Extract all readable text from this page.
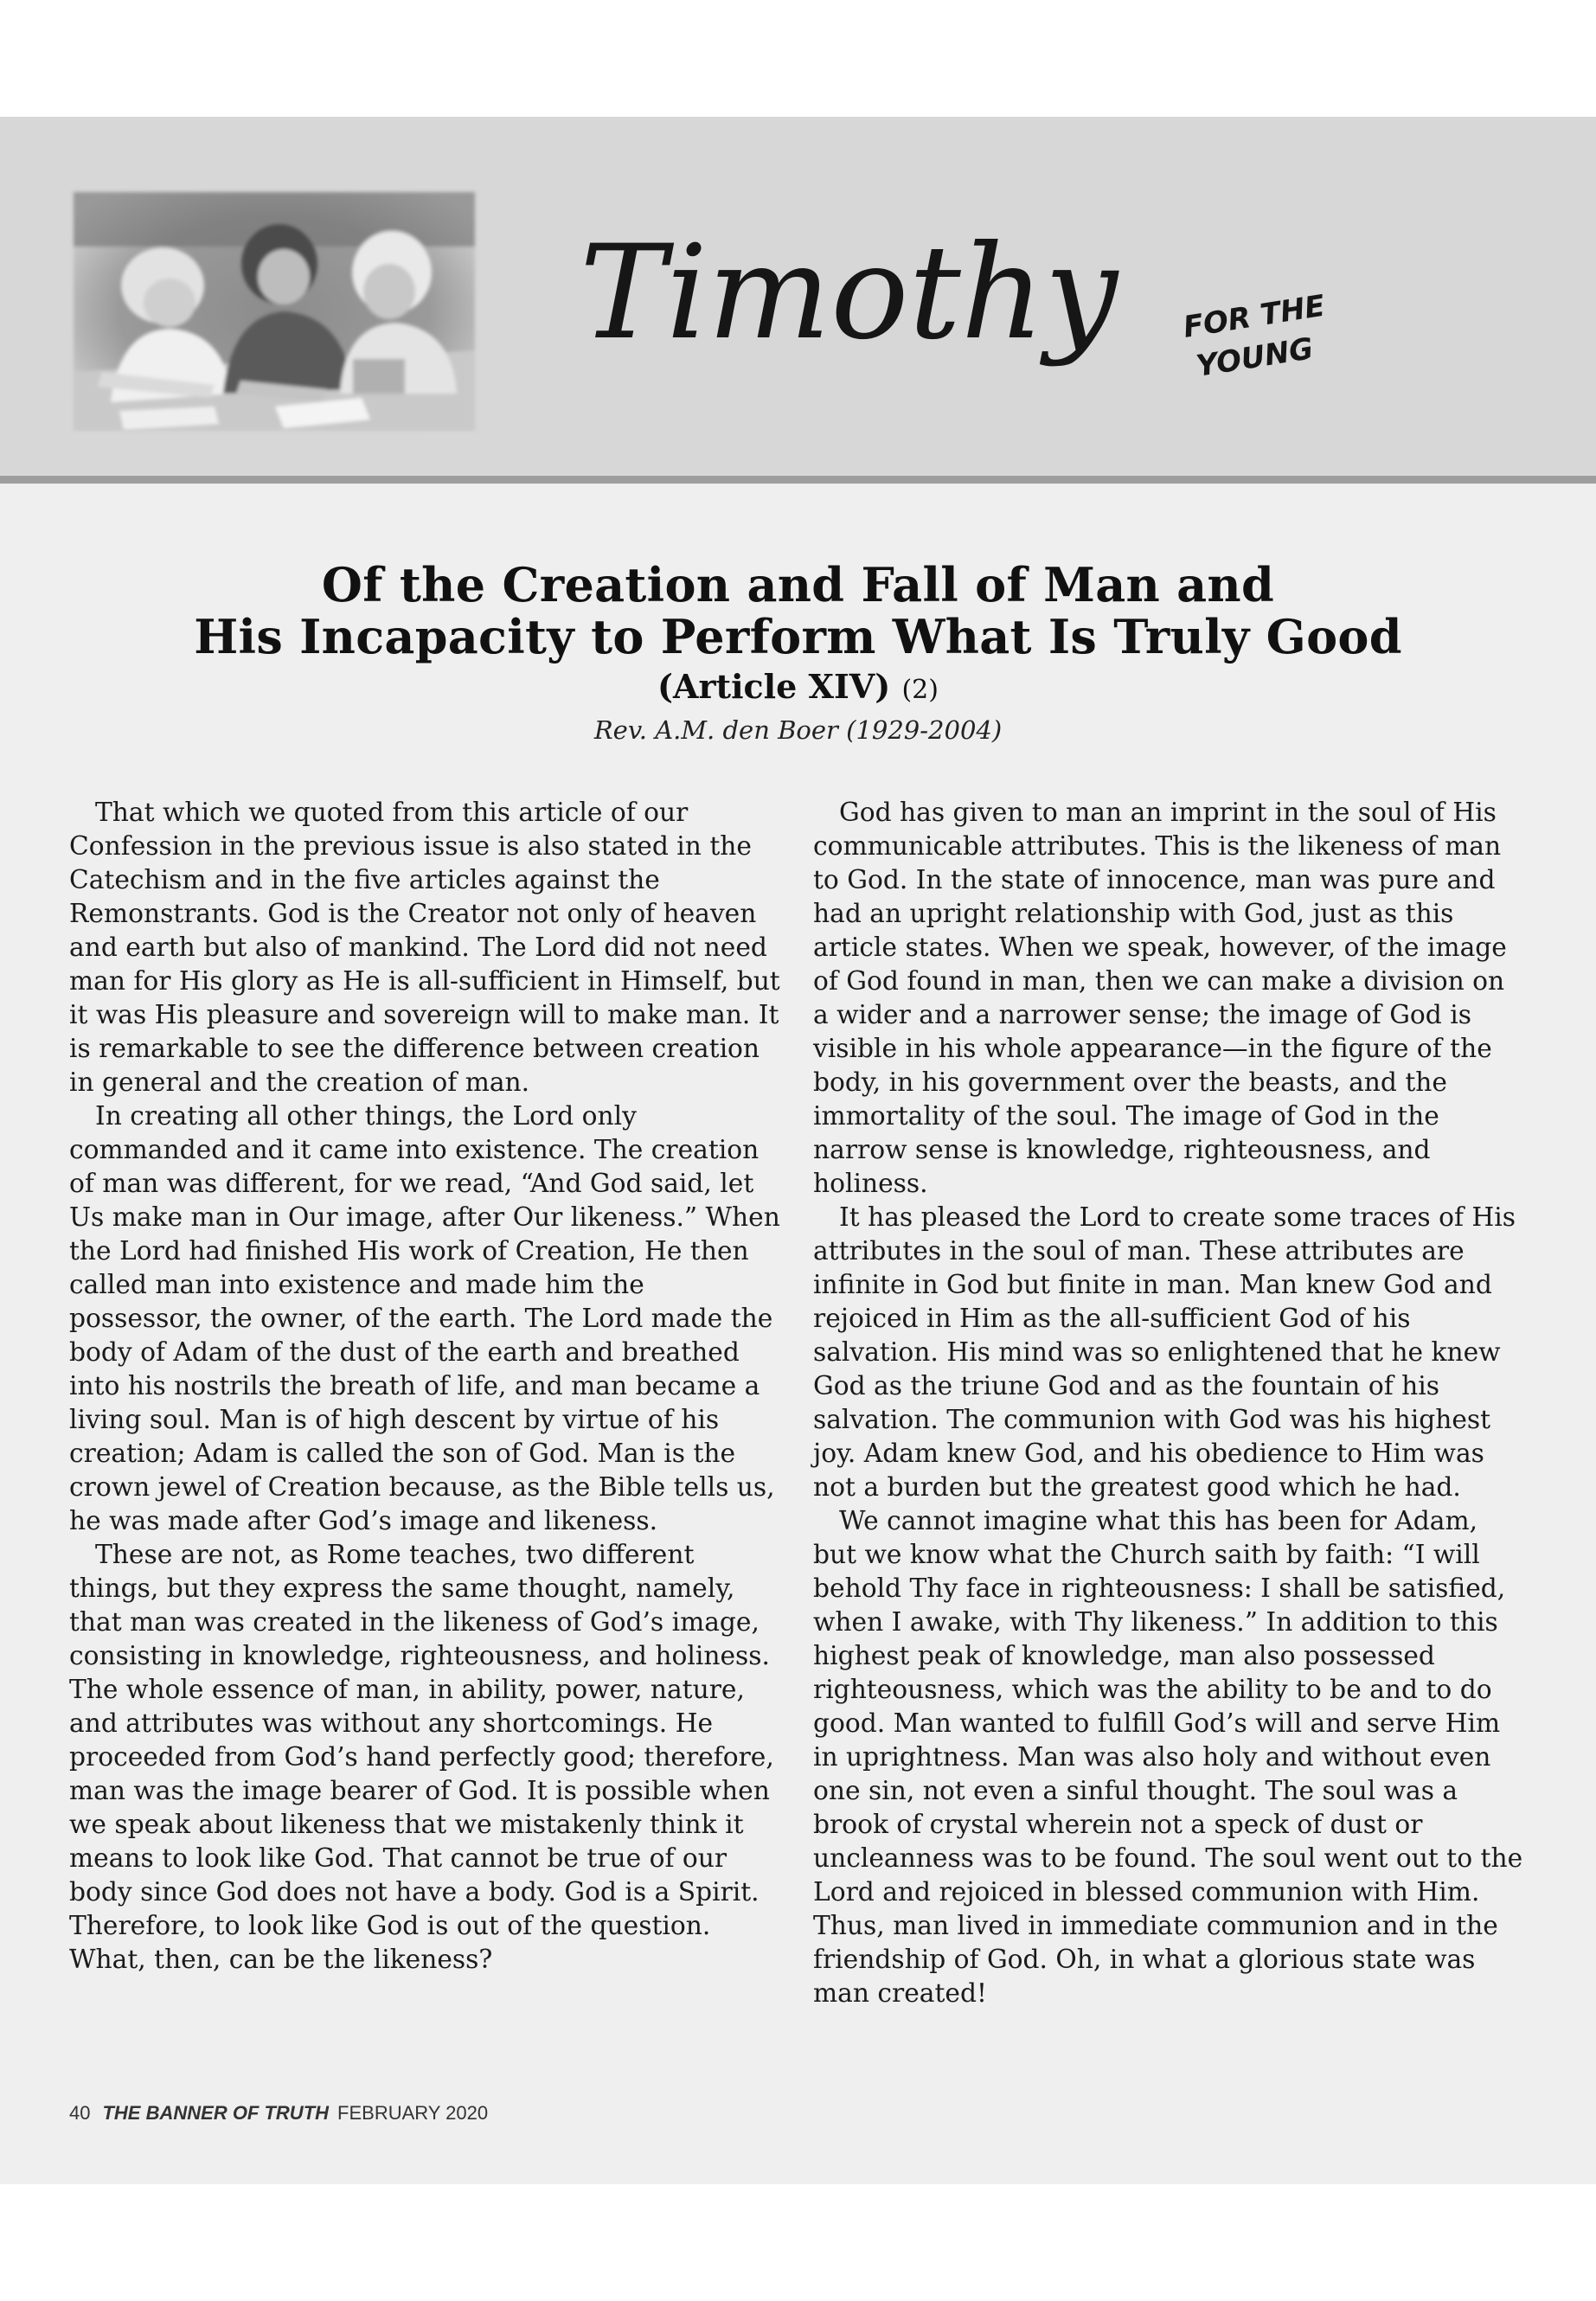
Timothy FOR THE
YOUNG
Of the Creation and Fall of Man and
His Incapacity to Perform What Is Truly Good
(Article XIV) (2)
Rev. A.M. den Boer (1929-2004)

That which we quoted from this article of our Confession in the previous issue is also stated in the Catechism and in the five articles against the Remonstrants. God is the Creator not only of heaven and earth but also of mankind. The Lord did not need man for His glory as He is all-sufficient in Himself, but it was His pleasure and sovereign will to make man. It is remarkable to see the difference between creation in general and the creation of man.

In creating all other things, the Lord only commanded and it came into existence. The creation of man was different, for we read, “And God said, let Us make man in Our image, after Our likeness.” When the Lord had finished His work of Creation, He then called man into existence and made him the possessor, the owner, of the earth. The Lord made the body of Adam of the dust of the earth and breathed into his nostrils the breath of life, and man became a living soul. Man is of high descent by virtue of his creation; Adam is called the son of God. Man is the crown jewel of Creation because, as the Bible tells us, he was made after God’s image and likeness.

These are not, as Rome teaches, two different things, but they express the same thought, namely, that man was created in the likeness of God’s image, consisting in knowledge, righteousness, and holiness. The whole essence of man, in ability, power, nature, and attributes was without any shortcomings. He proceeded from God’s hand perfectly good; therefore, man was the image bearer of God. It is possible when we speak about likeness that we mistakenly think it means to look like God. That cannot be true of our body since God does not have a body. God is a Spirit. Therefore, to look like God is out of the question. What, then, can be the likeness?

God has given to man an imprint in the soul of His communicable attributes. This is the likeness of man to God. In the state of innocence, man was pure and had an upright relationship with God, just as this article states. When we speak, however, of the image of God found in man, then we can make a division on a wider and a narrower sense; the image of God is visible in his whole appearance—in the figure of the body, in his government over the beasts, and the immortality of the soul. The image of God in the narrow sense is knowledge, righteousness, and holiness.

It has pleased the Lord to create some traces of His attributes in the soul of man. These attributes are infinite in God but finite in man. Man knew God and rejoiced in Him as the all-sufficient God of his salvation. His mind was so enlightened that he knew God as the triune God and as the fountain of his salvation. The communion with God was his highest joy. Adam knew God, and his obedience to Him was not a burden but the greatest good which he had.

We cannot imagine what this has been for Adam, but we know what the Church saith by faith: “I will behold Thy face in righteousness: I shall be satisfied, when I awake, with Thy likeness.” In addition to this highest peak of knowledge, man also possessed righteousness, which was the ability to be and to do good. Man wanted to fulfill God’s will and serve Him in uprightness. Man was also holy and without even one sin, not even a sinful thought. The soul was a brook of crystal wherein not a speck of dust or uncleanness was to be found. The soul went out to the Lord and rejoiced in blessed communion with Him. Thus, man lived in immediate communion and in the friendship of God. Oh, in what a glorious state was man created!

40 THE BANNER OF TRUTH FEBRUARY 2020
